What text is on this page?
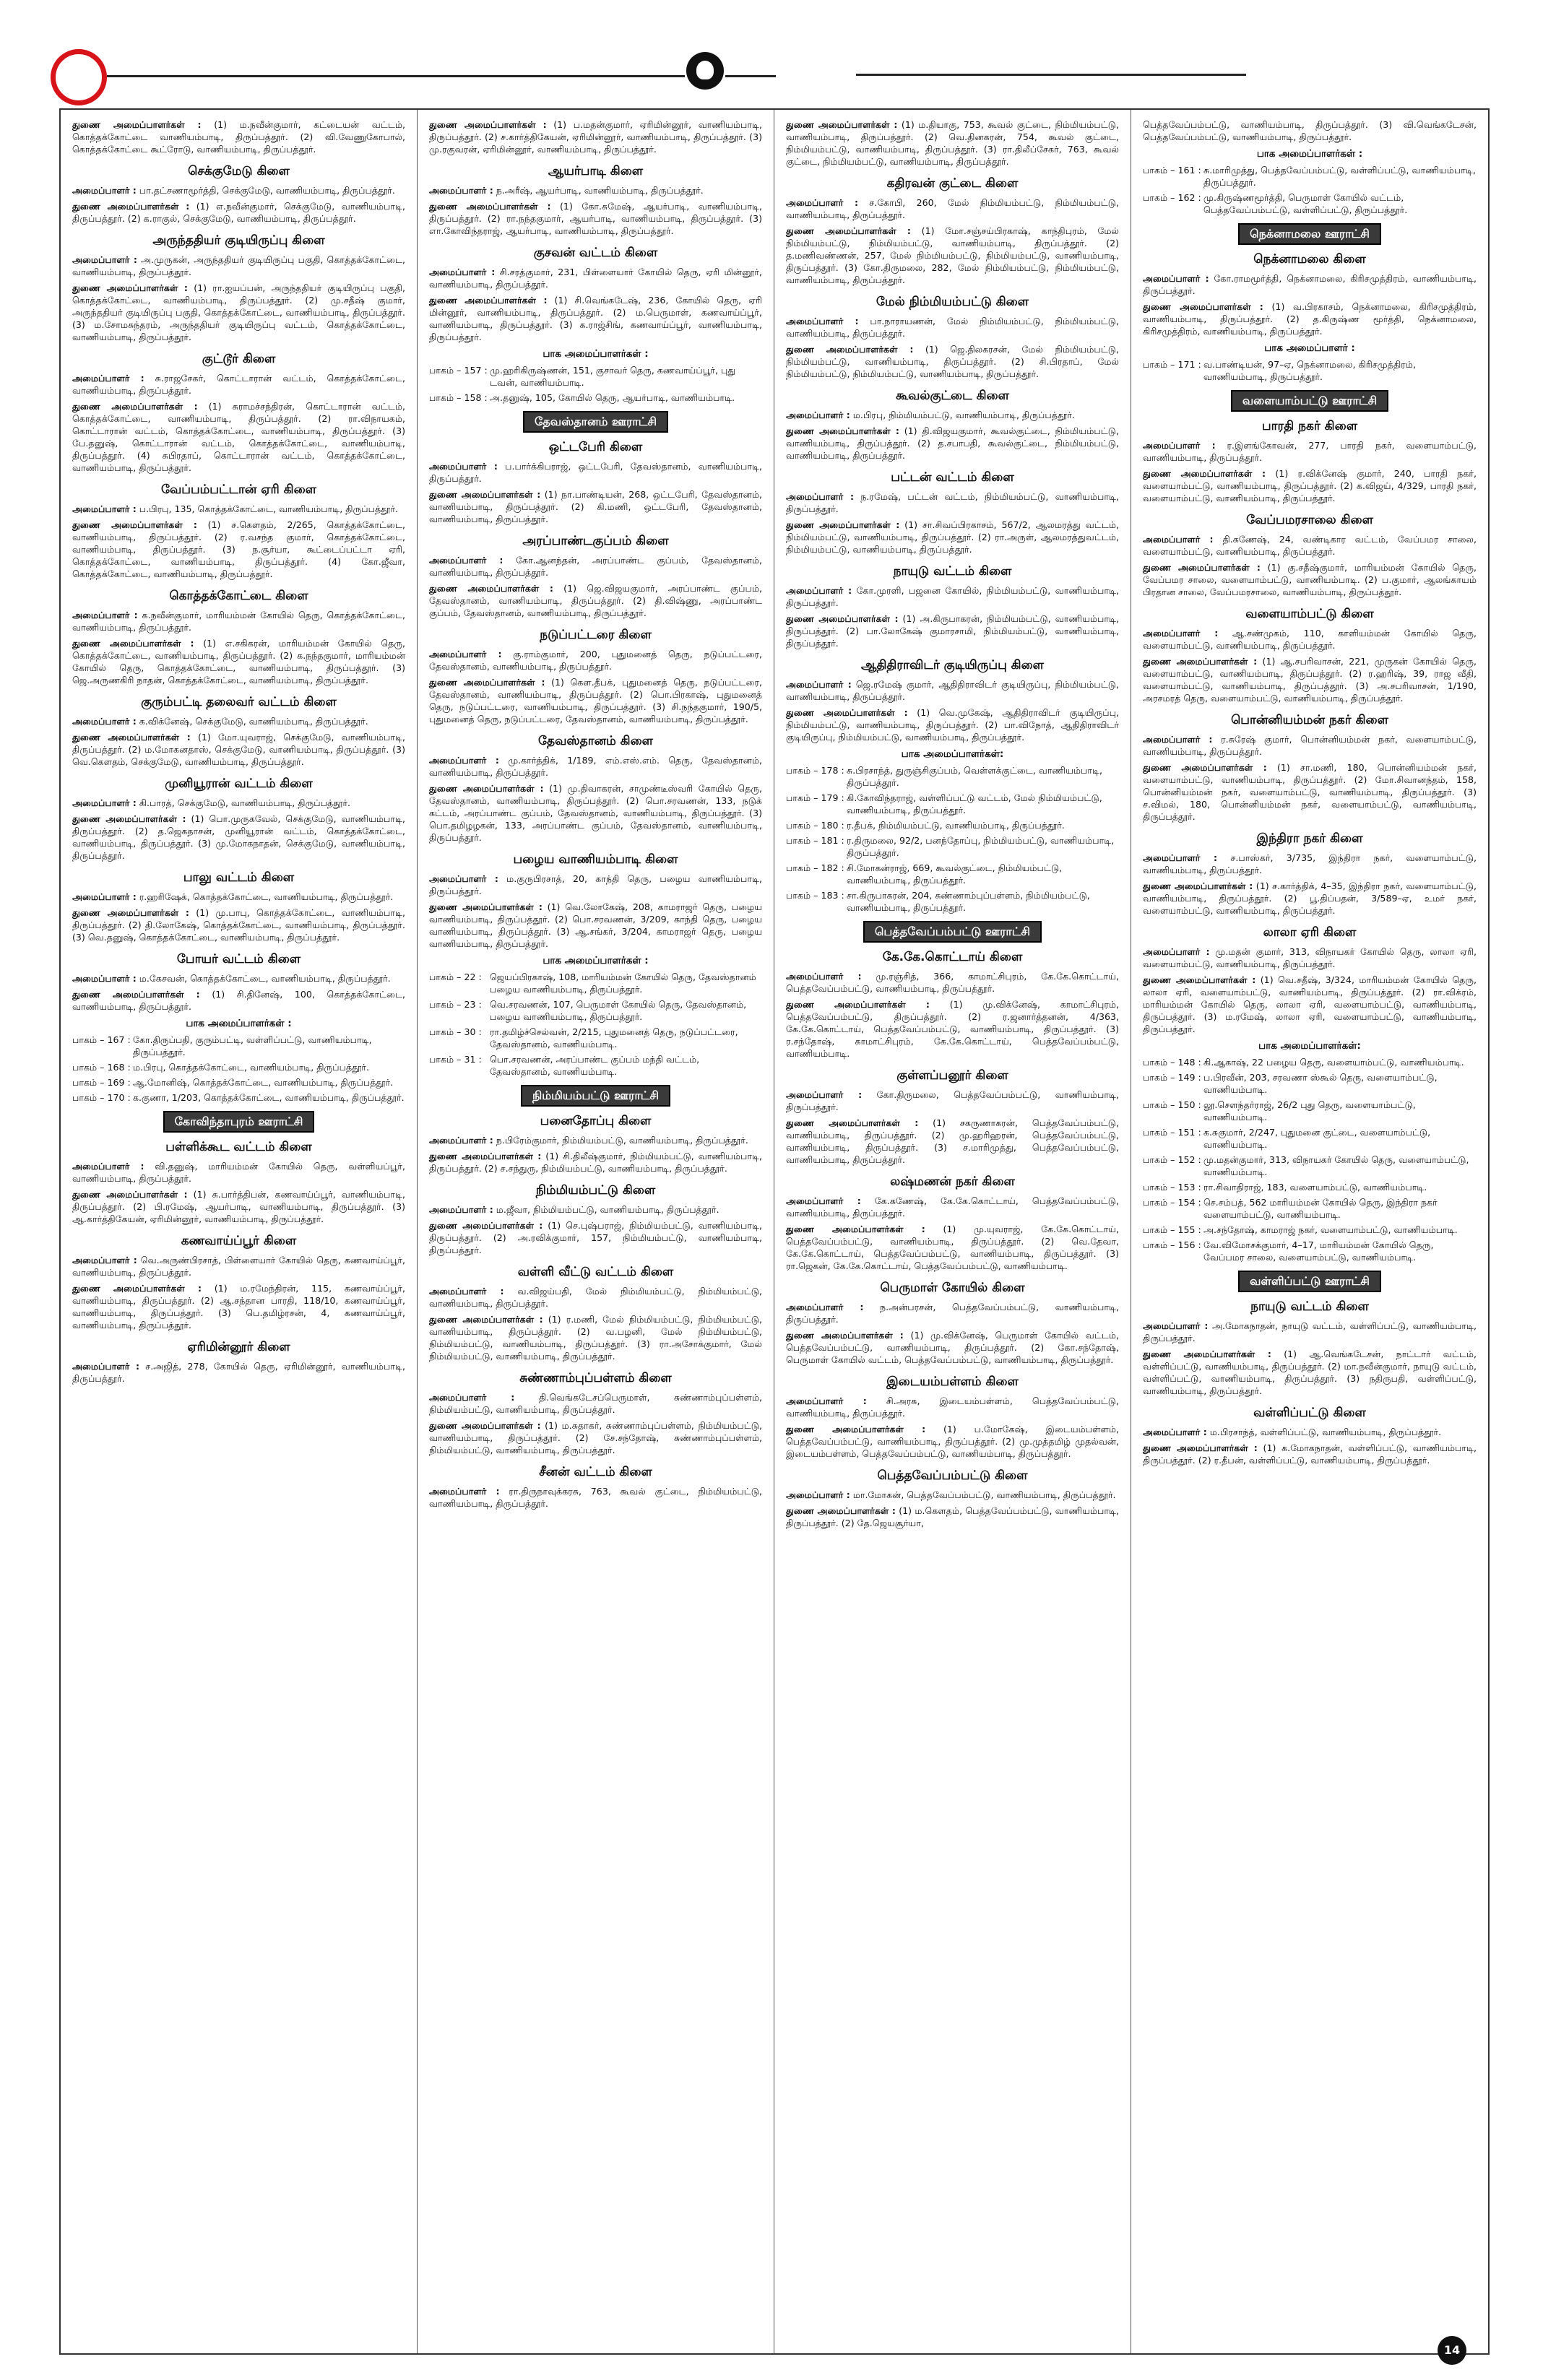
துணை அமைப்பாளர்கள் : (1) ம.நவீன்குமார், கட்டையன் வட்டம், கொத்தக்கோட்டை வாணியம்பாடி, திருப்பத்தூர். (2) வி.வேணுகோபால், கொத்தக்கோட்டை கூட்ரோடு, வாணியம்பாடி, திருப்பத்தூர்.

செக்குமேடு கிளை

அமைப்பாளர் : பா.தட்சணாமூர்த்தி, செக்குமேடு, வாணியம்பாடி, திருப்பத்தூர்.

துணை அமைப்பாளர்கள் : (1) எ.நவீன்குமார், செக்குமேடு, வாணியம்பாடி, திருப்பத்தூர். (2) க.ராகுல், செக்குமேடு, வாணியம்பாடி, திருப்பத்தூர்.

அருந்ததியர் குடியிருப்பு கிளை

அமைப்பாளர் : அ.முருகன், அருந்ததியர் குடியிருப்பு பகுதி, கொத்தக்கோட்டை, வாணியம்பாடி, திருப்பத்தூர்.

துணை அமைப்பாளர்கள் : (1) ரா.ஐயப்பன், அருந்ததியர் குடியிருப்பு பகுதி, கொத்தக்கோட்டை, வாணியம்பாடி, திருப்பத்தூர். (2) மு.சதீஷ் குமார், அருந்ததியர் குடியிருப்பு பகுதி, கொத்தக்கோட்டை, வாணியம்பாடி, திருப்பத்தூர். (3) ம.சோமசுந்தரம், அருந்ததியர் குடியிருப்பு வட்டம், கொத்தக்கோட்டை, வாணியம்பாடி, திருப்பத்தூர்.

குட்டூர் கிளை

அமைப்பாளர் : சு.ராஜசேகர், கொட்டாரான் வட்டம், கொத்தக்கோட்டை, வாணியம்பாடி, திருப்பத்தூர்.

துணை அமைப்பாளர்கள் : (1) சுராமச்சந்திரன், கொட்டாரான் வட்டம், கொத்தக்கோட்டை, வாணியம்பாடி, திருப்பத்தூர். (2) ரா.விநாயகம், கொட்டாரான் வட்டம், கொத்தக்கோட்டை, வாணியம்பாடி, திருப்பத்தூர். (3) பே.தனுஷ், கொட்டாரான் வட்டம், கொத்தக்கோட்டை, வாணியம்பாடி, திருப்பத்தூர். (4) சுபிரதாப், கொட்டாரான் வட்டம், கொத்தக்கோட்டை, வாணியம்பாடி, திருப்பத்தூர்.

வேப்பம்பட்டான் ஏரி கிளை

அமைப்பாளர் : ப.பிரபு, 135, கொத்தக்கோட்டை, வாணியம்பாடி, திருப்பத்தூர்.

துணை அமைப்பாளர்கள் : (1) ச.கௌதம், 2/265, கொத்தக்கோட்டை, வாணியம்பாடி, திருப்பத்தூர். (2) ர.வசந்த குமார், கொத்தக்கோட்டை, வாணியம்பாடி, திருப்பத்தூர். (3) ந.சூர்யா, கூட்டைப்பட்டா ஏரி, கொத்தக்கோட்டை, வாணியம்பாடி, திருப்பத்தூர். (4) கோ.ஜீவா, கொத்தக்கோட்டை, வாணியம்பாடி, திருப்பத்தூர்.

கொத்தக்கோட்டை கிளை

அமைப்பாளர் : க.நவீன்குமார், மாரியம்மன் கோயில் தெரு, கொத்தக்கோட்டை, வாணியம்பாடி, திருப்பத்தூர்.

துணை அமைப்பாளர்கள் : (1) எ.சகிகரன், மாரியம்மன் கோயில் தெரு, கொத்தக்கோட்டை, வாணியம்பாடி, திருப்பத்தூர். (2) க.நந்தகுமார், மாரியம்மன் கோயில் தெரு, கொத்தக்கோட்டை, வாணியம்பாடி, திருப்பத்தூர். (3) ஜெ.அருணகிரி நாதன், கொத்தக்கோட்டை, வாணியம்பாடி, திருப்பத்தூர்.

குரும்பட்டி தலைவர் வட்டம் கிளை

அமைப்பாளர் : க.விக்னேஷ், செக்குமேடு, வாணியம்பாடி, திருப்பத்தூர்.

துணை அமைப்பாளர்கள் : (1) மோ.யுவராஜ், செக்குமேடு, வாணியம்பாடி, திருப்பத்தூர். (2) ம.மோகனதாஸ், செக்குமேடு, வாணியம்பாடி, திருப்பத்தூர். (3) வெ.கௌதம், செக்குமேடு, வாணியம்பாடி, திருப்பத்தூர்.

முனியூரான் வட்டம் கிளை

அமைப்பாளர் : கி.பாரத், செக்குமேடு, வாணியம்பாடி, திருப்பத்தூர்.

துணை அமைப்பாளர்கள் : (1) பொ.முருகவேல், செக்குமேடு, வாணியம்பாடி, திருப்பத்தூர். (2) த.ஜெகதாசன், முனியூரான் வட்டம், கொத்தக்கோட்டை, வாணியம்பாடி, திருப்பத்தூர். (3) மு.மோகநாதன், செக்குமேடு, வாணியம்பாடி, திருப்பத்தூர்.

பாலு வட்டம் கிளை

அமைப்பாளர் : ர.ஹரிஷேக், கொத்தக்கோட்டை, வாணியம்பாடி, திருப்பத்தூர்.

துணை அமைப்பாளர்கள் : (1) மு.பாபு, கொத்தக்கோட்டை, வாணியம்பாடி, திருப்பத்தூர். (2) தி.லோகேஷ், கொத்தக்கோட்டை, வாணியம்பாடி, திருப்பத்தூர். (3) வெ.தனுஷ், கொத்தக்கோட்டை, வாணியம்பாடி, திருப்பத்தூர்.

போயர் வட்டம் கிளை

அமைப்பாளர் : ம.கேசவன், கொத்தக்கோட்டை, வாணியம்பாடி, திருப்பத்தூர்.

துணை அமைப்பாளர்கள் : (1) சி.தினேஷ், 100, கொத்தக்கோட்டை, வாணியம்பாடி, திருப்பத்தூர்.

பாக அமைப்பாளர்கள் :
பாகம் – 167 : கோ.திருப்பதி, குரும்பட்டி, வள்ளிப்பட்டு, வாணியம்பாடி, திருப்பத்தூர்.
பாகம் – 168 : ம.பிரபு, கொத்தக்கோட்டை, வாணியம்பாடி, திருப்பத்தூர்.
பாகம் – 169 : ஆ.மோனிஷ், கொத்தக்கோட்டை, வாணியம்பாடி, திருப்பத்தூர்.
பாகம் – 170 : க.குணா, 1/203, கொத்தக்கோட்டை, வாணியம்பாடி, திருப்பத்தூர்.
கோவிந்தாபுரம் ஊராட்சி
பள்ளிக்கூட வட்டம் கிளை

அமைப்பாளர் : வி.தனுஷ், மாரியம்மன் கோயில் தெரு, வள்ளியப்பூர், வாணியம்பாடி, திருப்பத்தூர்.

துணை அமைப்பாளர்கள் : (1) சு.பார்த்திபன், கணவாய்ப்பூர், வாணியம்பாடி, திருப்பத்தூர். (2) பி.ரமேஷ், ஆயர்பாடி, வாணியம்பாடி, திருப்பத்தூர். (3) ஆ.கார்த்திகேயன், ஏரிமின்னூர், வாணியம்பாடி, திருப்பத்தூர்.

கணவாய்ப்பூர் கிளை

அமைப்பாளர் : வெ.அருண்பிரசாத், பிள்ளையார் கோயில் தெரு, கணவாய்ப்பூர், வாணியம்பாடி, திருப்பத்தூர்.

துணை அமைப்பாளர்கள் : (1) ம.ரமேந்திரன், 115, கணவாய்ப்பூர், வாணியம்பாடி, திருப்பத்தூர். (2) ஆ.சந்தான பாரதி, 118/10, கணவாய்ப்பூர், வாணியம்பாடி, திருப்பத்தூர். (3) பெ.தமிழ்ரசன், 4, கணவாய்ப்பூர், வாணியம்பாடி, திருப்பத்தூர்.

ஏரிமின்னூர் கிளை

அமைப்பாளர் : ச.அஜித், 278, கோயில் தெரு, ஏரிமின்னூர், வாணியம்பாடி, திருப்பத்தூர்.

துணை அமைப்பாளர்கள் : (1) ப.மதன்குமார், ஏரிமின்னூர், வாணியம்பாடி, திருப்பத்தூர். (2) ச.கார்த்திகேயன், ஏரிமின்னூர், வாணியம்பாடி, திருப்பத்தூர். (3) மு.ரகுவரன், ஏரிமின்னூர், வாணியம்பாடி, திருப்பத்தூர்.

ஆயர்பாடி கிளை

அமைப்பாளர் : ந.அரீஷ், ஆயர்பாடி, வாணியம்பாடி, திருப்பத்தூர்.

துணை அமைப்பாளர்கள் : (1) கோ.சுமேஷ், ஆயர்பாடி, வாணியம்பாடி, திருப்பத்தூர். (2) ரா.நந்தகுமார், ஆயர்பாடி, வாணியம்பாடி, திருப்பத்தூர். (3) எா.கோவிந்தராஜ், ஆயர்பாடி, வாணியம்பாடி, திருப்பத்தூர்.

குசவன் வட்டம் கிளை

அமைப்பாளர் : சி.சரத்குமார், 231, பிள்ளையார் கோயில் தெரு, ஏரி மின்னூர், வாணியம்பாடி, திருப்பத்தூர்.

துணை அமைப்பாளர்கள் : (1) சி.வெங்கடேஷ், 236, கோயில் தெரு, ஏரி மின்னூர், வாணியம்பாடி, திருப்பத்தூர். (2) ம.பெருமாள், கணவாய்ப்பூர், வாணியம்பாடி, திருப்பத்தூர். (3) க.ராஜ்சிங், கணவாய்ப்பூர், வாணியம்பாடி, திருப்பத்தூர்.

பாக அமைப்பாளர்கள் :
பாகம் – 157 : மு.ஹரிகிருஷ்ணன், 151, குசாவர் தெரு, கணவாய்ப்பூர், புது டவன், வாணியம்பாடி.
பாகம் – 158 : அ.தனுஷ், 105, கோயில் தெரு, ஆயர்பாடி, வாணியம்பாடி.
தேவஸ்தானம் ஊராட்சி
ஒட்டபேரி கிளை

அமைப்பாளர் : ப.பார்க்கிபராஜ், ஒட்டபேரி, தேவஸ்தானம், வாணியம்பாடி, திருப்பத்தூர்.

துணை அமைப்பாளர்கள் : (1) நா.பாண்டியன், 268, ஒட்டபேரி, தேவஸ்தானம், வாணியம்பாடி, திருப்பத்தூர். (2) கி.மணி, ஒட்டபேரி, தேவஸ்தானம், வாணியம்பாடி, திருப்பத்தூர்.

அரப்பாண்டகுப்பம் கிளை

அமைப்பாளர் : கோ.ஆனந்தன், அரப்பாண்ட குப்பம், தேவஸ்தானம், வாணியம்பாடி, திருப்பத்தூர்.

துணை அமைப்பாளர்கள் : (1) ஜெ.விஜயகுமார், அரப்பாண்ட குப்பம், தேவஸ்தானம், வாணியம்பாடி, திருப்பத்தூர். (2) தி.விஷ்ணு, அரப்பாண்ட குப்பம், தேவஸ்தானம், வாணியம்பாடி, திருப்பத்தூர்.

நடுப்பட்டரை கிளை

அமைப்பாளர் : கு.ராம்குமார், 200, புதுமனைத் தெரு, நடுப்பட்டரை, தேவஸ்தானம், வாணியம்பாடி, திருப்பத்தூர்.

துணை அமைப்பாளர்கள் : (1) கௌ.தீபக், புதுமனைத் தெரு, நடுப்பட்டரை, தேவஸ்தானம், வாணியம்பாடி, திருப்பத்தூர். (2) பொ.பிரகாஷ், புதுமனைத் தெரு, நடுப்பட்டரை, வாணியம்பாடி, திருப்பத்தூர். (3) சி.நந்தகுமார், 190/5, புதுமனைத் தெரு, நடுப்பட்டரை, தேவஸ்தானம், வாணியம்பாடி, திருப்பத்தூர்.

தேவஸ்தானம் கிளை

அமைப்பாளர் : மு.கார்த்திக், 1/189, எம்.எஸ்.எம். தெரு, தேவஸ்தானம், வாணியம்பாடி, திருப்பத்தூர்.

துணை அமைப்பாளர்கள் : (1) மு.திவாகரன், சாமுண்டீஸ்வரி கோயில் தெரு, தேவஸ்தானம், வாணியம்பாடி, திருப்பத்தூர். (2) பொ.சரவணன், 133, நடுக் கட்டம், அரப்பாண்ட குப்பம், தேவஸ்தானம், வாணியம்பாடி, திருப்பத்தூர். (3) பொ.தமிழழகன், 133, அரப்பாண்ட குப்பம், தேவஸ்தானம், வாணியம்பாடி, திருப்பத்தூர்.

பழைய வாணியம்பாடி கிளை

அமைப்பாளர் : ம.குருபிரசாத், 20, காந்தி தெரு, பழைய வாணியம்பாடி, திருப்பத்தூர்.

துணை அமைப்பாளர்கள் : (1) வெ.லோகேஷ், 208, காமராஜர் தெரு, பழைய வாணியம்பாடி, திருப்பத்தூர். (2) பொ.சரவணன், 3/209, காந்தி தெரு, பழைய வாணியம்பாடி, திருப்பத்தூர். (3) ஆ.சங்கர், 3/204, காமராஜர் தெரு, பழைய வாணியம்பாடி, திருப்பத்தூர்.

பாக அமைப்பாளர்கள் :
பாகம் – 22 : ஜெயப்பிரகாஷ், 108, மாரியம்மன் கோயில் தெரு, தேவஸ்தானம் பழைய வாணியம்பாடி, திருப்பத்தூர்.
பாகம் – 23 : வெ.சரவணன், 107, பெருமாள் கோயில் தெரு, தேவஸ்தானம், பழைய வாணியம்பாடி, திருப்பத்தூர்.
பாகம் – 30 : ரா.தமிழ்ச்செல்வன், 2/215, புதுமனைத் தெரு, நடுப்பட்டரை, தேவஸ்தானம், வாணியம்பாடி.
பாகம் – 31 : பொ.சரவணன், அரப்பாண்ட குப்பம் மந்தி வட்டம், தேவஸ்தானம், வாணியம்பாடி.
நிம்மியம்பட்டு ஊராட்சி
பனைதோப்பு கிளை

அமைப்பாளர் : ந.பிரேம்குமார், நிம்மியம்பட்டு, வாணியம்பாடி, திருப்பத்தூர்.

துணை அமைப்பாளர்கள் : (1) சி.திலீஷ்குமார், நிம்மியம்பட்டு, வாணியம்பாடி, திருப்பத்தூர். (2) ச.சந்துரு, நிம்மியம்பட்டு, வாணியம்பாடி, திருப்பத்தூர்.

நிம்மியம்பட்டு கிளை

அமைப்பாளர் : ம.ஜீவா, நிம்மியம்பட்டு, வாணியம்பாடி, திருப்பத்தூர்.

துணை அமைப்பாளர்கள் : (1) செ.புஷ்பராஜ், நிம்மியம்பட்டு, வாணியம்பாடி, திருப்பத்தூர். (2) அ.ரவிக்குமார், 157, நிம்மியம்பட்டு, வாணியம்பாடி, திருப்பத்தூர்.

வள்ளி வீட்டு வட்டம் கிளை

அமைப்பாளர் : வ.விஜய்பதி, மேல் நிம்மியம்பட்டு, நிம்மியம்பட்டு, வாணியம்பாடி, திருப்பத்தூர்.

துணை அமைப்பாளர்கள் : (1) ர.மணி, மேல் நிம்மியம்பட்டு, நிம்மியம்பட்டு, வாணியம்பாடி, திருப்பத்தூர். (2) வ.பழனி, மேல் நிம்மியம்பட்டு, நிம்மியம்பட்டு, வாணியம்பாடி, திருப்பத்தூர். (3) ரா.அசோக்குமார், மேல் நிம்மியம்பட்டு, வாணியம்பாடி, திருப்பத்தூர்.

சுண்ணாம்புப்பள்ளம் கிளை

அமைப்பாளர் : தி.வெங்கடேசப்பெருமாள், சுண்ணாம்புப்பள்ளம், நிம்மியம்பட்டு, வாணியம்பாடி, திருப்பத்தூர்.

துணை அமைப்பாளர்கள் : (1) ம.சுதாகர், சுண்ணாம்புப்பள்ளம், நிம்மியம்பட்டு, வாணியம்பாடி, திருப்பத்தூர். (2) சே.சந்தோஷ், சுண்ணாம்புப்பள்ளம், நிம்மியம்பட்டு, வாணியம்பாடி, திருப்பத்தூர்.

சீனன் வட்டம் கிளை

அமைப்பாளர் : ரா.திருநாவுக்கரசு, 763, கூவல் குட்டை, நிம்மியம்பட்டு, வாணியம்பாடி, திருப்பத்தூர்.

துணை அமைப்பாளர்கள் : (1) ம.தியாகு, 753, கூவல் குட்டை, நிம்மியம்பட்டு, வாணியம்பாடி, திருப்பத்தூர். (2) வெ.தினகரன், 754, கூவல் குட்டை, நிம்மியம்பட்டு, வாணியம்பாடி, திருப்பத்தூர். (3) ரா.திலீப்சேகர், 763, கூவல் குட்டை, நிம்மியம்பட்டு, வாணியம்பாடி, திருப்பத்தூர்.

கதிரவன் குட்டை கிளை

அமைப்பாளர் : ச.கோபி, 260, மேல் நிம்மியம்பட்டு, நிம்மியம்பட்டு, வாணியம்பாடி, திருப்பத்தூர்.

துணை அமைப்பாளர்கள் : (1) மோ.சஞ்சய்பிரகாஷ், காந்திபுரம், மேல் நிம்மியம்பட்டு, நிம்மியம்பட்டு, வாணியம்பாடி, திருப்பத்தூர். (2) த.மணிவண்ணன், 257, மேல் நிம்மியம்பட்டு, நிம்மியம்பட்டு, வாணியம்பாடி, திருப்பத்தூர். (3) கோ.திருமலை, 282, மேல் நிம்மியம்பட்டு, நிம்மியம்பட்டு, வாணியம்பாடி, திருப்பத்தூர்.

மேல் நிம்மியம்பட்டு கிளை

அமைப்பாளர் : பா.நாராயணன், மேல் நிம்மியம்பட்டு, நிம்மியம்பட்டு, வாணியம்பாடி, திருப்பத்தூர்.

துணை அமைப்பாளர்கள் : (1) ஜெ.திலகரசன், மேல் நிம்மியம்பட்டு, நிம்மியம்பட்டு, வாணியம்பாடி, திருப்பத்தூர். (2) சி.பிரதாப், மேல் நிம்மியம்பட்டு, நிம்மியம்பட்டு, வாணியம்பாடி, திருப்பத்தூர்.

கூவல்குட்டை கிளை

அமைப்பாளர் : ம.பிரபு, நிம்மியம்பட்டு, வாணியம்பாடி, திருப்பத்தூர்.

துணை அமைப்பாளர்கள் : (1) தி.விஜயகுமார், கூவல்குட்டை, நிம்மியம்பட்டு, வாணியம்பாடி, திருப்பத்தூர். (2) த.சபாபதி, கூவல்குட்டை, நிம்மியம்பட்டு, வாணியம்பாடி, திருப்பத்தூர்.

பட்டன் வட்டம் கிளை

அமைப்பாளர் : ந.ரமேஷ், பட்டன் வட்டம், நிம்மியம்பட்டு, வாணியம்பாடி, திருப்பத்தூர்.

துணை அமைப்பாளர்கள் : (1) சா.சிவப்பிரகாசம், 567/2, ஆலமரத்து வட்டம், நிம்மியம்பட்டு, வாணியம்பாடி, திருப்பத்தூர். (2) ரா.அருள், ஆலமரத்துவட்டம், நிம்மியம்பட்டு, வாணியம்பாடி, திருப்பத்தூர்.

நாயுடு வட்டம் கிளை

அமைப்பாளர் : கோ.முரளி, பஜனை கோயில், நிம்மியம்பட்டு, வாணியம்பாடி, திருப்பத்தூர்.

துணை அமைப்பாளர்கள் : (1) அ.கிருபாகரன், நிம்மியம்பட்டு, வாணியம்பாடி, திருப்பத்தூர். (2) பா.லோகேஷ் குமாரசாமி, நிம்மியம்பட்டு, வாணியம்பாடி, திருப்பத்தூர்.

ஆதிதிராவிடர் குடியிருப்பு கிளை

அமைப்பாளர் : ஜெ.ரமேஷ் குமார், ஆதிதிராவிடர் குடியிருப்பு, நிம்மியம்பட்டு, வாணியம்பாடி, திருப்பத்தூர்.

துணை அமைப்பாளர்கள் : (1) வெ.முகேஷ், ஆதிதிராவிடர் குடியிருப்பு, நிம்மியம்பட்டு, வாணியம்பாடி, திருப்பத்தூர். (2) பா.விநோத், ஆதிதிராவிடர் குடியிருப்பு, நிம்மியம்பட்டு, வாணியம்பாடி, திருப்பத்தூர்.

பாக அமைப்பாளர்கள்:
பாகம் – 178 : சு.பிரசாந்த், துருஞ்சிகுப்பம், வெள்ளக்குட்டை, வாணியம்பாடி, திருப்பத்தூர்.
பாகம் – 179 : கி.கோவிந்தராஜ், வள்ளிப்பட்டு வட்டம், மேல் நிம்மியம்பட்டு, வாணியம்பாடி, திருப்பத்தூர்.
பாகம் – 180 : ர.தீபக், நிம்மியம்பட்டு, வாணியம்பாடி, திருப்பத்தூர்.
பாகம் – 181 : ர.திருமலை, 92/2, பனந்தோப்பு, நிம்மியம்பட்டு, வாணியம்பாடி, திருப்பத்தூர்.
பாகம் – 182 : சி.மோகன்ராஜ், 669, கூவல்குட்டை, நிம்மியம்பட்டு, வாணியம்பாடி, திருப்பத்தூர்.
பாகம் – 183 : சா.கிருபாகரன், 204, சுண்ணாம்புப்பள்ளம், நிம்மியம்பட்டு, வாணியம்பாடி, திருப்பத்தூர்.
பெத்தவேப்பம்பட்டு ஊராட்சி
கே.கே.கொட்டாய் கிளை

அமைப்பாளர் : மு.ரஞ்சித், 366, காமாட்சிபுரம், கே.கே.கொட்டாய், பெத்தவேப்பம்பட்டு, வாணியம்பாடி, திருப்பத்தூர்.

துணை அமைப்பாளர்கள் : (1) மு.விக்னேஷ், காமாட்சிபுரம், பெத்தவேப்பம்பட்டு, திருப்பத்தூர். (2) ர.ஜனார்த்தனன், 4/363, கே.கே.கொட்டாய், பெத்தவேப்பம்பட்டு, வாணியம்பாடி, திருப்பத்தூர். (3) ர.சந்தோஷ், காமாட்சிபுரம், கே.கே.கொட்டாய், பெத்தவேப்பம்பட்டு, வாணியம்பாடி.

குள்ளப்பனூர் கிளை

அமைப்பாளர் : கோ.திருமலை, பெத்தவேப்பம்பட்டு, வாணியம்பாடி, திருப்பத்தூர்.

துணை அமைப்பாளர்கள் : (1) சகருணாகரன், பெத்தவேப்பம்பட்டு, வாணியம்பாடி, திருப்பத்தூர். (2) மு.ஹரிஹரன், பெத்தவேப்பம்பட்டு, வாணியம்பாடி, திருப்பத்தூர். (3) ச.மாரிமுத்து, பெத்தவேப்பம்பட்டு, வாணியம்பாடி, திருப்பத்தூர்.

லஷ்மணன் நகர் கிளை

அமைப்பாளர் : கே.கணேஷ், கே.கே.கொட்டாய், பெத்தவேப்பம்பட்டு, வாணியம்பாடி, திருப்பத்தூர்.

துணை அமைப்பாளர்கள் : (1) மு.யுவராஜ், கே.கே.கொட்டாய், பெத்தவேப்பம்பட்டு, வாணியம்பாடி, திருப்பத்தூர். (2) வெ.தேவா, கே.கே.கொட்டாய், பெத்தவேப்பம்பட்டு, வாணியம்பாடி, திருப்பத்தூர். (3) ரா.ஜெகன், கே.கே.கொட்டாய், பெத்தவேப்பம்பட்டு, வாணியம்பாடி.

பெருமாள் கோயில் கிளை

அமைப்பாளர் : ந.அன்பரசன், பெத்தவேப்பம்பட்டு, வாணியம்பாடி, திருப்பத்தூர்.

துணை அமைப்பாளர்கள் : (1) மு.விக்னேஷ், பெருமாள் கோயில் வட்டம், பெத்தவேப்பம்பட்டு, வாணியம்பாடி, திருப்பத்தூர். (2) கோ.சந்தோஷ், பெருமாள் கோயில் வட்டம், பெத்தவேப்பம்பட்டு, வாணியம்பாடி, திருப்பத்தூர்.

இடையம்பள்ளம் கிளை

அமைப்பாளர் : சி.அரசு, இடையம்பள்ளம், பெத்தவேப்பம்பட்டு, வாணியம்பாடி, திருப்பத்தூர்.

துணை அமைப்பாளர்கள் : (1) ப.மோகேஷ், இடையம்பள்ளம், பெத்தவேப்பம்பட்டு, வாணியம்பாடி, திருப்பத்தூர். (2) மு.முத்தமிழ் முதல்வன், இடையம்பள்ளம், பெத்தவேப்பம்பட்டு, வாணியம்பாடி, திருப்பத்தூர்.

பெத்தவேப்பம்பட்டு கிளை

அமைப்பாளர் : மா.மோகன், பெத்தவேப்பம்பட்டு, வாணியம்பாடி, திருப்பத்தூர்.

துணை அமைப்பாளர்கள் : (1) ம.கௌதம், பெத்தவேப்பம்பட்டு, வாணியம்பாடி, திருப்பத்தூர். (2) தே.ஜெயசூர்யா,

பெத்தவேப்பம்பட்டு, வாணியம்பாடி, திருப்பத்தூர். (3) வி.வெங்கடேசன், பெத்தவேப்பம்பட்டு, வாணியம்பாடி, திருப்பத்தூர்.

பாக அமைப்பாளர்கள் :
பாகம் – 161 : சு.மாரிமுத்து, பெத்தவேப்பம்பட்டு, வள்ளிப்பட்டு, வாணியம்பாடி, திருப்பத்தூர்.
பாகம் – 162 : மு.கிருஷ்ணமூர்த்தி, பெருமாள் கோயில் வட்டம், பெத்தவேப்பம்பட்டு, வள்ளிப்பட்டு, திருப்பத்தூர்.
நெக்னாமலை ஊராட்சி
நெக்னாமலை கிளை

அமைப்பாளர் : கோ.ராமமூர்த்தி, நெக்னாமலை, கிரிசமுத்திரம், வாணியம்பாடி, திருப்பத்தூர்.

துணை அமைப்பாளர்கள் : (1) வ.பிரகாசம், நெக்னாமலை, கிரிசமுத்திரம், வாணியம்பாடி, திருப்பத்தூர். (2) த.கிருஷ்ண மூர்த்தி, நெக்னாமலை, கிரிசமுத்திரம், வாணியம்பாடி, திருப்பத்தூர்.

பாக அமைப்பாளர் :
பாகம் – 171 : வ.பாண்டியன், 97–ஏ, நெக்னாமலை, கிரிசமுத்திரம், வாணியம்பாடி, திருப்பத்தூர்.
வளையாம்பட்டு ஊராட்சி
பாரதி நகர் கிளை

அமைப்பாளர் : ர.இளங்கோவன், 277, பாரதி நகர், வளையாம்பட்டு, வாணியம்பாடி, திருப்பத்தூர்.

துணை அமைப்பாளர்கள் : (1) ர.விக்னேஷ் குமார், 240, பாரதி நகர், வளையாம்பட்டு, வாணியம்பாடி, திருப்பத்தூர். (2) க.விஜய், 4/329, பாரதி நகர், வளையாம்பட்டு, வாணியம்பாடி, திருப்பத்தூர்.

வேப்பமரசாலை கிளை

அமைப்பாளர் : தி.கணேஷ், 24, வண்டிகார வட்டம், வேப்பமர சாலை, வளையாம்பட்டு, வாணியம்பாடி, திருப்பத்தூர்.

துணை அமைப்பாளர்கள் : (1) கு.சதீஷ்குமார், மாரியம்மன் கோயில் தெரு, வேப்பமர சாலை, வளையாம்பட்டு, வாணியம்பாடி. (2) ப.குமார், ஆலங்காயம் பிரதான சாலை, வேப்பமரசாலை, வாணியம்பாடி, திருப்பத்தூர்.

வளையாம்பட்டு கிளை

அமைப்பாளர் : ஆ.சண்முகம், 110, காளியம்மன் கோயில் தெரு, வளையாம்பட்டு, வாணியம்பாடி, திருப்பத்தூர்.

துணை அமைப்பாளர்கள் : (1) ஆ.சபரிவாசன், 221, முருகன் கோயில் தெரு, வளையாம்பட்டு, வாணியம்பாடி, திருப்பத்தூர். (2) ர.ஹரிஷ், 39, ராஜ வீதி, வளையாம்பட்டு, வாணியம்பாடி, திருப்பத்தூர். (3) அ.சபரிவாசன், 1/190, அரசமரத் தெரு, வளையாம்பட்டு, வாணியம்பாடி, திருப்பத்தூர்.

பொன்னியம்மன் நகர் கிளை

அமைப்பாளர் : ர.சுரேஷ் குமார், பொன்னியம்மன் நகர், வளையாம்பட்டு, வாணியம்பாடி, திருப்பத்தூர்.

துணை அமைப்பாளர்கள் : (1) சா.மணி, 180, பொன்னியம்மன் நகர், வளையாம்பட்டு, வாணியம்பாடி, திருப்பத்தூர். (2) மோ.சிவானந்தம், 158, பொன்னியம்மன் நகர், வளையாம்பட்டு, வாணியம்பாடி, திருப்பத்தூர். (3) ச.விமல், 180, பொன்னியம்மன் நகர், வளையாம்பட்டு, வாணியம்பாடி, திருப்பத்தூர்.

இந்திரா நகர் கிளை

அமைப்பாளர் : ச.பாஸ்கர், 3/735, இந்திரா நகர், வளையாம்பட்டு, வாணியம்பாடி, திருப்பத்தூர்.

துணை அமைப்பாளர்கள் : (1) ச.கார்த்திக், 4–35, இந்திரா நகர், வளையாம்பட்டு, வாணியம்பாடி, திருப்பத்தூர். (2) பூ.திப்பதன், 3/589–ஏ, உமர் நகர், வளையாம்பட்டு, வாணியம்பாடி, திருப்பத்தூர்.

லாலா ஏரி கிளை

அமைப்பாளர் : மு.மதன் குமார், 313, விநாயகர் கோயில் தெரு, லாலா ஏரி, வளையாம்பட்டு, வாணியம்பாடி, திருப்பத்தூர்.

துணை அமைப்பாளர்கள் : (1) வெ.சதீஷ், 3/324, மாரியம்மன் கோயில் தெரு, லாலா ஏரி, வளையாம்பட்டு, வாணியம்பாடி, திருப்பத்தூர். (2) ரா.விக்ரம், மாரியம்மன் கோயில் தெரு, லாலா ஏரி, வளையாம்பட்டு, வாணியம்பாடி, திருப்பத்தூர். (3) ம.ரமேஷ், லாலா ஏரி, வளையாம்பட்டு, வாணியம்பாடி, திருப்பத்தூர்.

பாக அமைப்பாளர்கள்:
பாகம் – 148 : கி.ஆகாஷ், 22 பழைய தெரு, வளையாம்பட்டு, வாணியம்பாடி.
பாகம் – 149 : ப.பிரவீன், 203, சரவணா ஸ்கூல் தெரு, வளையாம்பட்டு, வாணியம்பாடி.
பாகம் – 150 : லூ.சௌந்தர்ராஜ், 26/2 புது தெரு, வளையாம்பட்டு, வாணியம்பாடி.
பாகம் – 151 : க.சுகுமார், 2/247, புதுமனை குட்டை, வளையாம்பட்டு, வாணியம்பாடி.
பாகம் – 152 : மு.மதன்குமார், 313, விநாயகர் கோயில் தெரு, வளையாம்பட்டு, வாணியம்பாடி.
பாகம் – 153 : ரா.சிவாதிராஜ், 183, வளையாம்பட்டு, வாணியம்பாடி.
பாகம் – 154 : செ.சம்பத், 562 மாரியம்மன் கோயில் தெரு, இந்திரா நகர் வளையாம்பட்டு, வாணியம்பாடி.
பாகம் – 155 : அ.சந்தோஷ், காமராஜ் நகர், வளையாம்பட்டு, வாணியம்பாடி.
பாகம் – 156 : வே.விமோசக்குமார், 4–17, மாரியம்மன் கோயில் தெரு, வேப்பமர சாலை, வளையாம்பட்டு, வாணியம்பாடி.
வள்ளிப்பட்டு ஊராட்சி
நாயுடு வட்டம் கிளை

அமைப்பாளர் : அ.மோகநாதன், நாயுடு வட்டம், வள்ளிப்பட்டு, வாணியம்பாடி, திருப்பத்தூர்.

துணை அமைப்பாளர்கள் : (1) ஆ.வெங்கடேசன், நாட்டார் வட்டம், வள்ளிப்பட்டு, வாணியம்பாடி, திருப்பத்தூர். (2) மா.நவீன்குமார், நாயுடு வட்டம், வள்ளிப்பட்டு, வாணியம்பாடி, திருப்பத்தூர். (3) நதிருபதி, வள்ளிப்பட்டு, வாணியம்பாடி, திருப்பத்தூர்.

வள்ளிப்பட்டு கிளை

அமைப்பாளர் : ம.பிரசாந்த், வள்ளிப்பட்டு, வாணியம்பாடி, திருப்பத்தூர்.

துணை அமைப்பாளர்கள் : (1) க.மோகநாதன், வள்ளிப்பட்டு, வாணியம்பாடி, திருப்பத்தூர். (2) ர.தீபன், வள்ளிப்பட்டு, வாணியம்பாடி, திருப்பத்தூர்.

14
